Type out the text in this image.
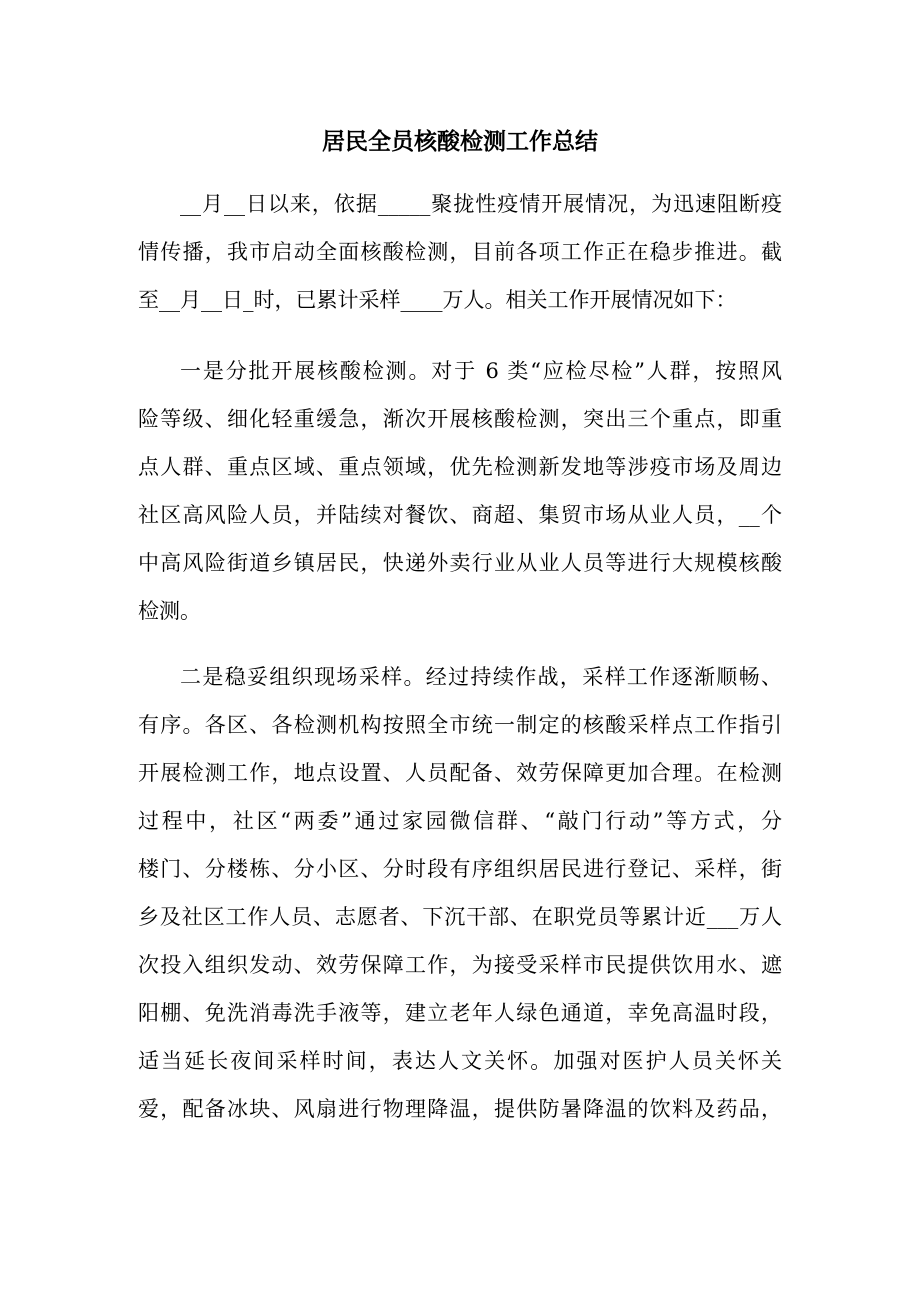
居民全员核酸检测工作总结
__月__日以来，依据_____聚拢性疫情开展情况，为迅速阻断疫
情传播，我市启动全面核酸检测，目前各项工作正在稳步推进。截
至__月__日_时，已累计采样____万人。相关工作开展情况如下：
一是分批开展核酸检测。对于 6 类“应检尽检”人群，按照风
险等级、细化轻重缓急，渐次开展核酸检测，突出三个重点，即重
点人群、重点区域、重点领域，优先检测新发地等涉疫市场及周边
社区高风险人员，并陆续对餐饮、商超、集贸市场从业人员，__个
中高风险街道乡镇居民，快递外卖行业从业人员等进行大规模核酸
检测。
二是稳妥组织现场采样。经过持续作战，采样工作逐渐顺畅、
有序。各区、各检测机构按照全市统一制定的核酸采样点工作指引
开展检测工作，地点设置、人员配备、效劳保障更加合理。在检测
过程中，社区“两委”通过家园微信群、“敲门行动”等方式，分
楼门、分楼栋、分小区、分时段有序组织居民进行登记、采样，街
乡及社区工作人员、志愿者、下沉干部、在职党员等累计近___万人
次投入组织发动、效劳保障工作，为接受采样市民提供饮用水、遮
阳棚、免洗消毒洗手液等，建立老年人绿色通道，幸免高温时段，
适当延长夜间采样时间，表达人文关怀。加强对医护人员关怀关
爱，配备冰块、风扇进行物理降温，提供防暑降温的饮料及药品，
